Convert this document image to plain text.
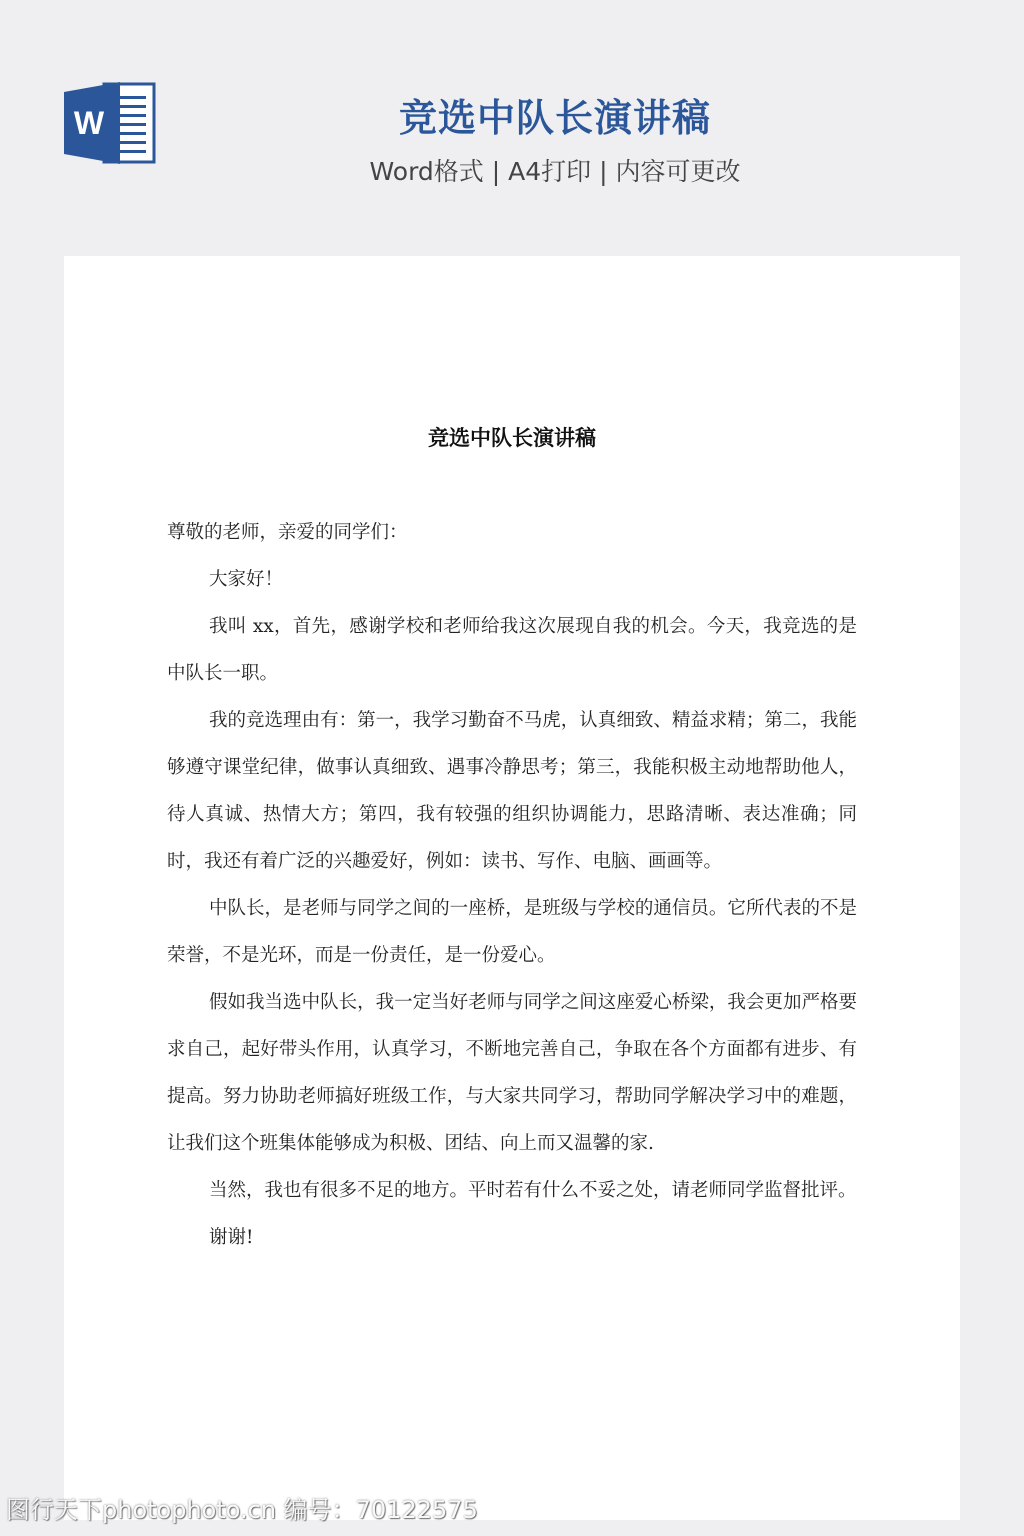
W	竞选中队长演讲稿
Word格式 | A4打印 | 内容可更改
竞选中队长演讲稿

尊敬的老师，亲爱的同学们：

大家好！

我叫 xx，首先，感谢学校和老师给我这次展现自我的机会。今天，我竞选的是中队长一职。

我的竞选理由有：第一，我学习勤奋不马虎，认真细致、精益求精；第二，我能够遵守课堂纪律，做事认真细致、遇事冷静思考；第三，我能积极主动地帮助他人，待人真诚、热情大方；第四，我有较强的组织协调能力，思路清晰、表达准确；同时，我还有着广泛的兴趣爱好，例如：读书、写作、电脑、画画等。

中队长，是老师与同学之间的一座桥，是班级与学校的通信员。它所代表的不是荣誉，不是光环，而是一份责任，是一份爱心。

假如我当选中队长，我一定当好老师与同学之间这座爱心桥梁，我会更加严格要求自己，起好带头作用，认真学习，不断地完善自己，争取在各个方面都有进步、有提高。努力协助老师搞好班级工作，与大家共同学习，帮助同学解决学习中的难题，让我们这个班集体能够成为积极、团结、向上而又温馨的家.

当然，我也有很多不足的地方。平时若有什么不妥之处，请老师同学监督批评。

谢谢!

图行天下photophoto.cn 编号：70122575
